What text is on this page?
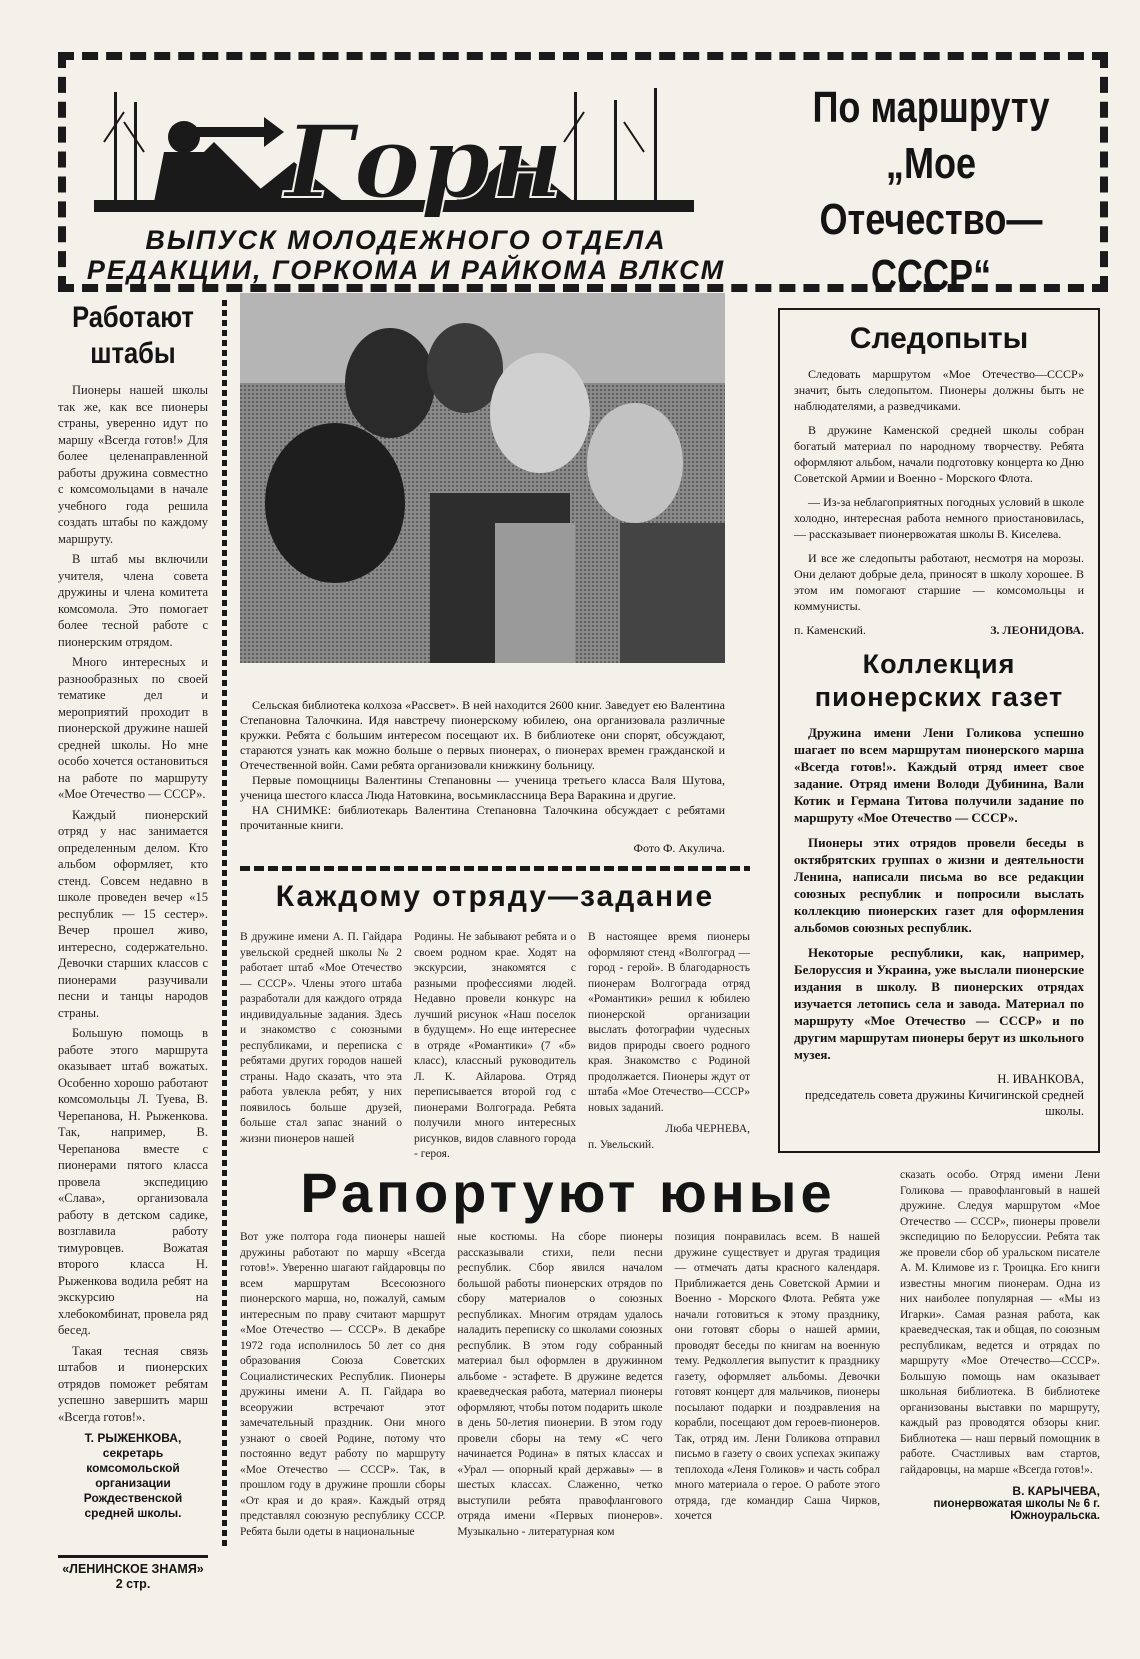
Горн
ВЫПУСК МОЛОДЕЖНОГО ОТДЕЛА
РЕДАКЦИИ, ГОРКОМА И РАЙКОМА ВЛКСМ
По маршруту
„Мое Отечество—
СССР“
Работают
штабы

Пионеры нашей школы так же, как все пионеры страны, уверенно идут по маршу «Всегда готов!» Для более целенаправленной работы дружина совместно с комсомольцами в начале учебного года решила создать штабы по каждому маршруту.

В штаб мы включили учителя, члена совета дружины и члена комитета комсомола. Это помогает более тесной работе с пионерским отрядом.

Много интересных и разнообразных по своей тематике дел и мероприятий проходит в пионерской дружине нашей средней школы. Но мне особо хочется остановиться на работе по маршруту «Мое Отечество — СССР».

Каждый пионерский отряд у нас занимается определенным делом. Кто альбом оформляет, кто стенд. Совсем недавно в школе проведен вечер «15 республик — 15 сестер». Вечер прошел живо, интересно, содержательно. Девочки старших классов с пионерами разучивали песни и танцы народов страны.

Большую помощь в работе этого маршрута оказывает штаб вожатых. Особенно хорошо работают комсомольцы Л. Туева, В. Черепанова, Н. Рыженкова. Так, например, В. Черепанова вместе с пионерами пятого класса провела экспедицию «Слава», организовала работу в детском садике, возглавила работу тимуровцев. Вожатая второго класса Н. Рыженкова водила ребят на экскурсию на хлебокомбинат, провела ряд бесед.

Такая тесная связь штабов и пионерских отрядов поможет ребятам успешно завершить марш «Всегда готов!».

Т. РЫЖЕНКОВА,
секретарь комсомольской организации Рождественской средней школы.

Сельская библиотека колхоза «Рассвет». В ней находится 2600 книг. Заведует ею Валентина Степановна Талочкина. Идя навстречу пионерскому юбилею, она организовала различные кружки. Ребята с большим интересом посещают их. В библиотеке они спорят, обсуждают, стараются узнать как можно больше о первых пионерах, о пионерах времен гражданской и Отечественной войн. Сами ребята организовали книжкину больницу.

Первые помощницы Валентины Степановны — ученица третьего класса Валя Шутова, ученица шестого класса Люда Натовкина, восьмиклассница Вера Варакина и другие.

НА СНИМКЕ: библиотекарь Валентина Степановна Талочкина обсуждает с ребятами прочитанные книги.

Фото Ф. Акулича.
Следопыты

Следовать маршрутом «Мое Отечество—СССР» значит, быть следопытом. Пионеры должны быть не наблюдателями, а разведчиками.

В дружине Каменской средней школы собран богатый материал по народному творчеству. Ребята оформляют альбом, начали подготовку концерта ко Дню Советской Армии и Военно - Морского Флота.

— Из-за неблагоприятных погодных условий в школе холодно, интересная работа немного приостановилась, — рассказывает пионервожатая школы В. Киселева.

И все же следопыты работают, несмотря на морозы. Они делают добрые дела, приносят в школу хорошее. В этом им помогают старшие — комсомольцы и коммунисты.

п. Каменский.	З. ЛЕОНИДОВА.
Коллекция
пионерских газет

Дружина имени Лени Голикова успешно шагает по всем маршрутам пионерского марша «Всегда готов!». Каждый отряд имеет свое задание. Отряд имени Володи Дубинина, Вали Котик и Германа Титова получили задание по маршруту «Мое Отечество — СССР».

Пионеры этих отрядов провели беседы в октябрятских группах о жизни и деятельности Ленина, написали письма во все редакции союзных республик и попросили выслать коллекцию пионерских газет для оформления альбомов союзных республик.

Некоторые республики, как, например, Белоруссия и Украина, уже выслали пионерские издания в школу. В пионерских отрядах изучается летопись села и завода. Материал по маршруту «Мое Отечество — СССР» и по другим маршрутам пионеры берут из школьного музея.

Н. ИВАНКОВА,
председатель совета дружины Кичигинской средней школы.
Каждому отряду—задание
В дружине имени А. П. Гайдара увельской средней школы № 2 работает штаб «Мое Отечество — СССР». Члены этого штаба разработали для каждого отряда индивидуальные задания. Здесь и знакомство с союзными республиками, и переписка с ребятами других городов нашей страны. Надо сказать, что эта работа увлекла ребят, у них появилось больше друзей, больше стал запас знаний о жизни пионеров нашей
Родины. Не забывают ребята и о своем родном крае. Ходят на экскурсии, знакомятся с разными профессиями людей. Недавно провели конкурс на лучший рисунок «Наш поселок в будущем». Но еще интереснее в отряде «Романтики» (7 «б» класс), классный руководитель Л. К. Айларова. Отряд переписывается второй год с пионерами Волгограда. Ребята получили много интересных рисунков, видов славного города - героя.
В настоящее время пионеры оформляют стенд «Волгоград — город - герой». В благодарность пионерам Волгограда отряд «Романтики» решил к юбилею пионерской организации выслать фотографии чудесных видов природы своего родного края. Знакомство с Родиной продолжается. Пионеры ждут от штаба «Мое Отечество—СССР» новых заданий.
Люба ЧЕРНЕВА,
п. Увельский.
Рапортуют юные
Вот уже полтора года пионеры нашей дружины работают по маршу «Всегда готов!». Уверенно шагают гайдаровцы по всем маршрутам Всесоюзного пионерского марша, но, пожалуй, самым интересным по праву считают маршрут «Мое Отечество — СССР». В декабре 1972 года исполнилось 50 лет со дня образования Союза Советских Социалистических Республик. Пионеры дружины имени А. П. Гайдара во всеоружии встречают этот замечательный праздник. Они много узнают о своей Родине, потому что постоянно ведут работу по маршруту «Мое Отечество — СССР». Так, в прошлом году в дружине прошли сборы «От края и до края». Каждый отряд представлял союзную республику СССР. Ребята были одеты в национальные
ные костюмы. На сборе пионеры рассказывали стихи, пели песни республик. Сбор явился началом большой работы пионерских отрядов по сбору материалов о союзных республиках. Многим отрядам удалось наладить переписку со школами союзных республик. В этом году собранный материал был оформлен в дружинном альбоме - эстафете. В дружине ведется краеведческая работа, материал пионеры оформляют, чтобы потом подарить школе в день 50-летия пионерии. В этом году провели сборы на тему «С чего начинается Родина» в пятых классах и «Урал — опорный край державы» — в шестых классах. Слаженно, четко выступили ребята правофлангового отряда имени «Первых пионеров». Музыкально - литературная ком
позиция понравилась всем. В нашей дружине существует и другая традиция — отмечать даты красного календаря. Приближается день Советской Армии и Военно - Морского Флота. Ребята уже начали готовиться к этому празднику, они готовят сборы о нашей армии, проводят беседы по книгам на военную тему. Редколлегия выпустит к празднику газету, оформляет альбомы. Девочки готовят концерт для мальчиков, пионеры посылают подарки и поздравления на корабли, посещают дом героев-пионеров. Так, отряд им. Лени Голикова отправил письмо в газету о своих успехах экипажу теплохода «Леня Голиков» и часть собрал много материала о герое. О работе этого отряда, где командир Саша Чирков, хочется
сказать особо. Отряд имени Лени Голикова — правофланговый в нашей дружине. Следуя маршрутом «Мое Отечество — СССР», пионеры провели экспедицию по Белоруссии. Ребята так же провели сбор об уральском писателе А. М. Климове из г. Троицка. Его книги известны многим пионерам. Одна из них наиболее популярная — «Мы из Игарки». Самая разная работа, как краеведческая, так и общая, по союзным республикам, ведется и отрядах по маршруту «Мое Отечество—СССР». Большую помощь нам оказывает школьная библиотека. В библиотеке организованы выставки по маршруту, каждый раз проводятся обзоры книг. Библиотека — наш первый помощник в работе. Счастливых вам стартов, гайдаровцы, на марше «Всегда готов!».
В. КАРЫЧЕВА,
пионервожатая школы № 6 г. Южноуральска.
«ЛЕНИНСКОЕ ЗНАМЯ»
2 стр.
